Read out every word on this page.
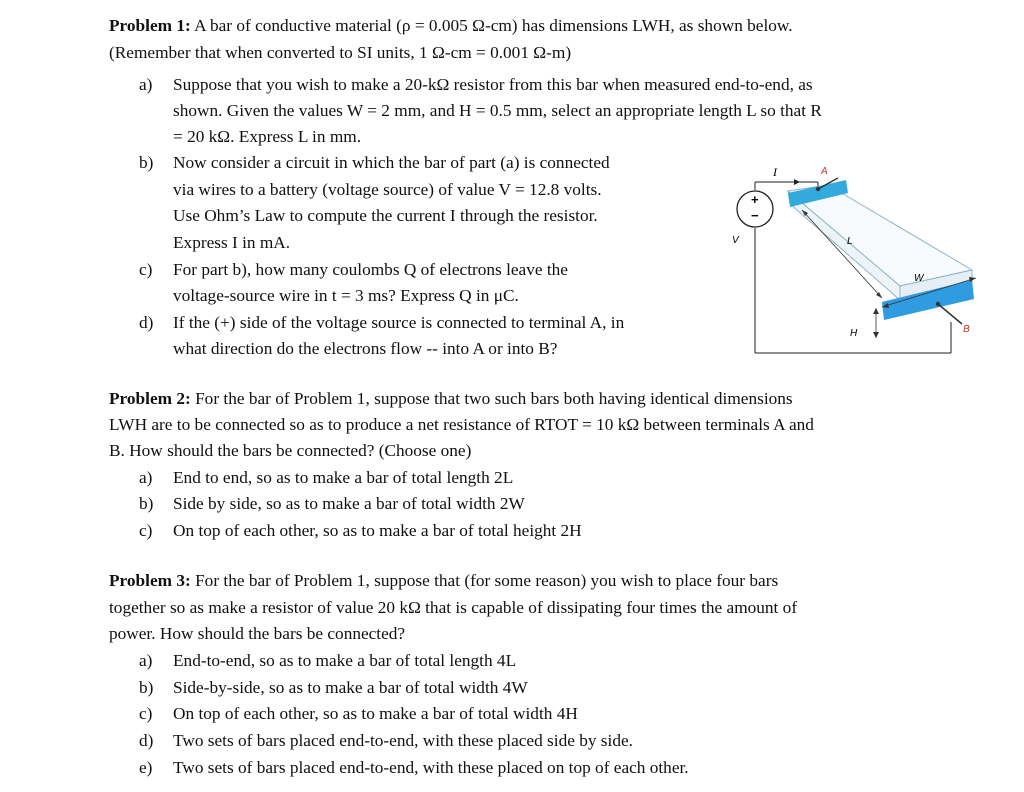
Problem 1: A bar of conductive material (ρ = 0.005 Ω-cm) has dimensions LWH, as shown below.
(Remember that when converted to SI units, 1 Ω-cm = 0.001 Ω-m)
a)	Suppose that you wish to make a 20-kΩ resistor from this bar when measured end-to-end, as
shown. Given the values W = 2 mm, and H = 0.5 mm, select an appropriate length L so that R
= 20 kΩ. Express L in mm.
b)	Now consider a circuit in which the bar of part (a) is connected
via wires to a battery (voltage source) of value V = 12.8 volts.
Use Ohm’s Law to compute the current I through the resistor.
Express I in mA.
c)	For part b), how many coulombs Q of electrons leave the
voltage-source wire in t = 3 ms? Express Q in μC.
d)	If the (+) side of the voltage source is connected to terminal A, in
what direction do the electrons flow -- into A or into B?
+
−
V
I	A
L
W
H	B
Problem 2: For the bar of Problem 1, suppose that two such bars both having identical dimensions
LWH are to be connected so as to produce a net resistance of RTOT = 10 kΩ between terminals A and
B. How should the bars be connected? (Choose one)
a)	End to end, so as to make a bar of total length 2L
b)	Side by side, so as to make a bar of total width 2W
c)	On top of each other, so as to make a bar of total height 2H
Problem 3: For the bar of Problem 1, suppose that (for some reason) you wish to place four bars
together so as make a resistor of value 20 kΩ that is capable of dissipating four times the amount of
power. How should the bars be connected?
a)	End-to-end, so as to make a bar of total length 4L
b)	Side-by-side, so as to make a bar of total width 4W
c)	On top of each other, so as to make a bar of total width 4H
d)	Two sets of bars placed end-to-end, with these placed side by side.
e)	Two sets of bars placed end-to-end, with these placed on top of each other.
